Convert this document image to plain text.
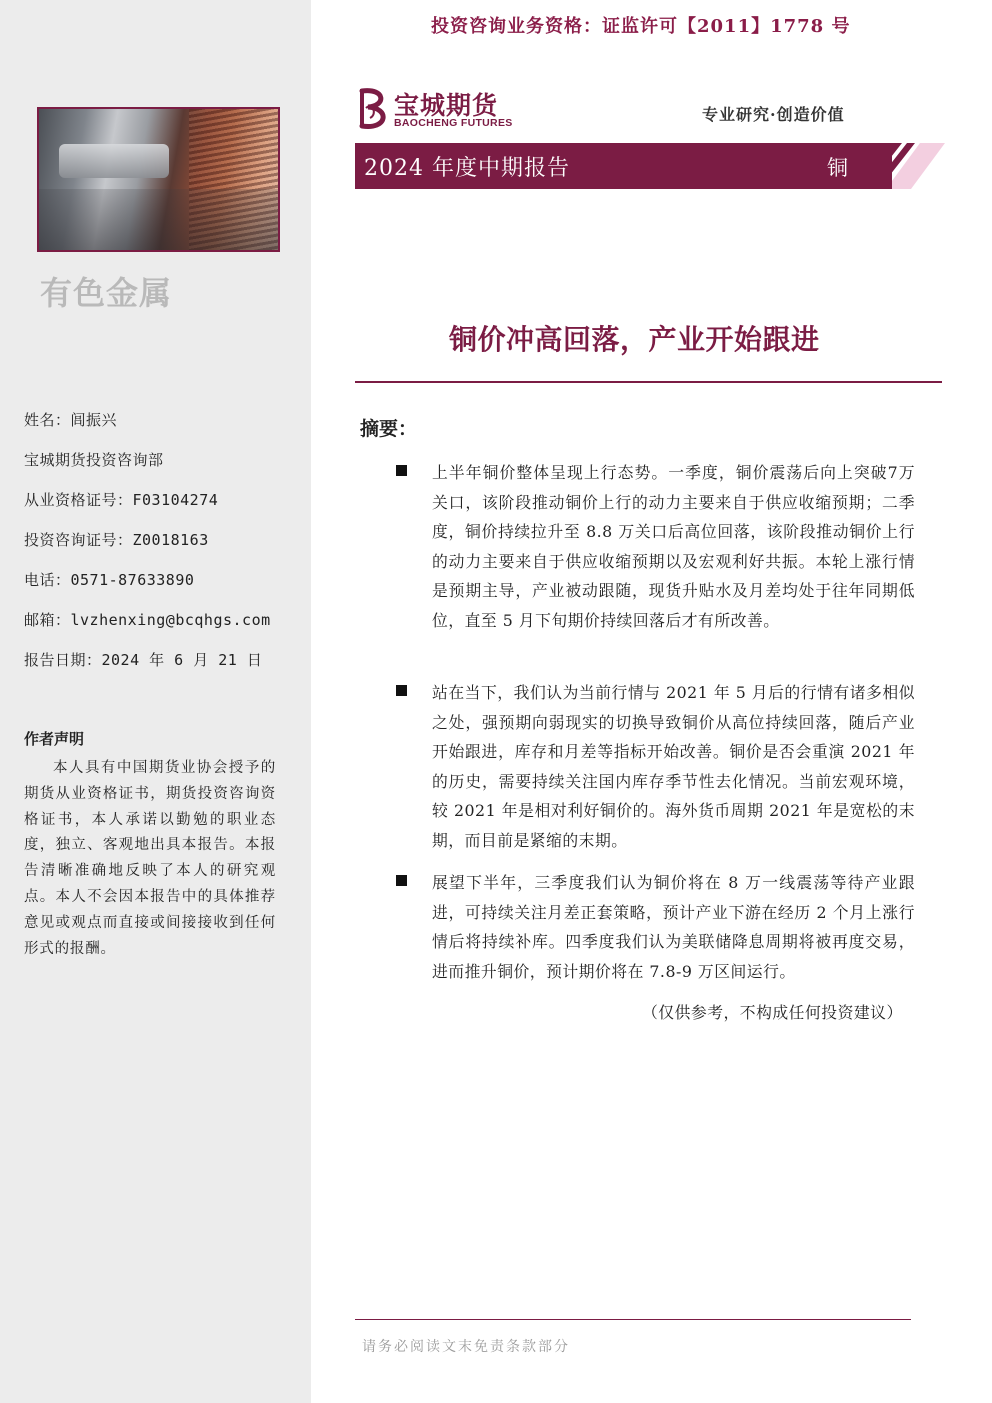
有色金属
姓名：闾振兴
宝城期货投资咨询部
从业资格证号：F03104274
投资咨询证号：Z0018163
电话：0571-87633890
邮箱：lvzhenxing@bcqhgs.com
报告日期：2024 年 6 月 21 日
作者声明
本人具有中国期货业协会授予的期货从业资格证书，期货投资咨询资格证书，本人承诺以勤勉的职业态度，独立、客观地出具本报告。本报告清晰准确地反映了本人的研究观点。本人不会因本报告中的具体推荐意见或观点而直接或间接接收到任何形式的报酬。
投资咨询业务资格：证监许可【2011】1778 号
宝城期货
BAOCHENG FUTURES	专业研究·创造价值
2024 年度中期报告	铜
铜价冲高回落，产业开始跟进
摘要：
上半年铜价整体呈现上行态势。一季度，铜价震荡后向上突破7万关口，该阶段推动铜价上行的动力主要来自于供应收缩预期；二季度，铜价持续拉升至 8.8 万关口后高位回落，该阶段推动铜价上行的动力主要来自于供应收缩预期以及宏观利好共振。本轮上涨行情是预期主导，产业被动跟随，现货升贴水及月差均处于往年同期低位，直至 5 月下旬期价持续回落后才有所改善。
站在当下，我们认为当前行情与 2021 年 5 月后的行情有诸多相似之处，强预期向弱现实的切换导致铜价从高位持续回落，随后产业开始跟进，库存和月差等指标开始改善。铜价是否会重演 2021 年的历史，需要持续关注国内库存季节性去化情况。当前宏观环境，较 2021 年是相对利好铜价的。海外货币周期 2021 年是宽松的末期，而目前是紧缩的末期。
展望下半年，三季度我们认为铜价将在 8 万一线震荡等待产业跟进，可持续关注月差正套策略，预计产业下游在经历 2 个月上涨行情后将持续补库。四季度我们认为美联储降息周期将被再度交易，进而推升铜价，预计期价将在 7.8-9 万区间运行。
（仅供参考，不构成任何投资建议）
请务必阅读文末免责条款部分
